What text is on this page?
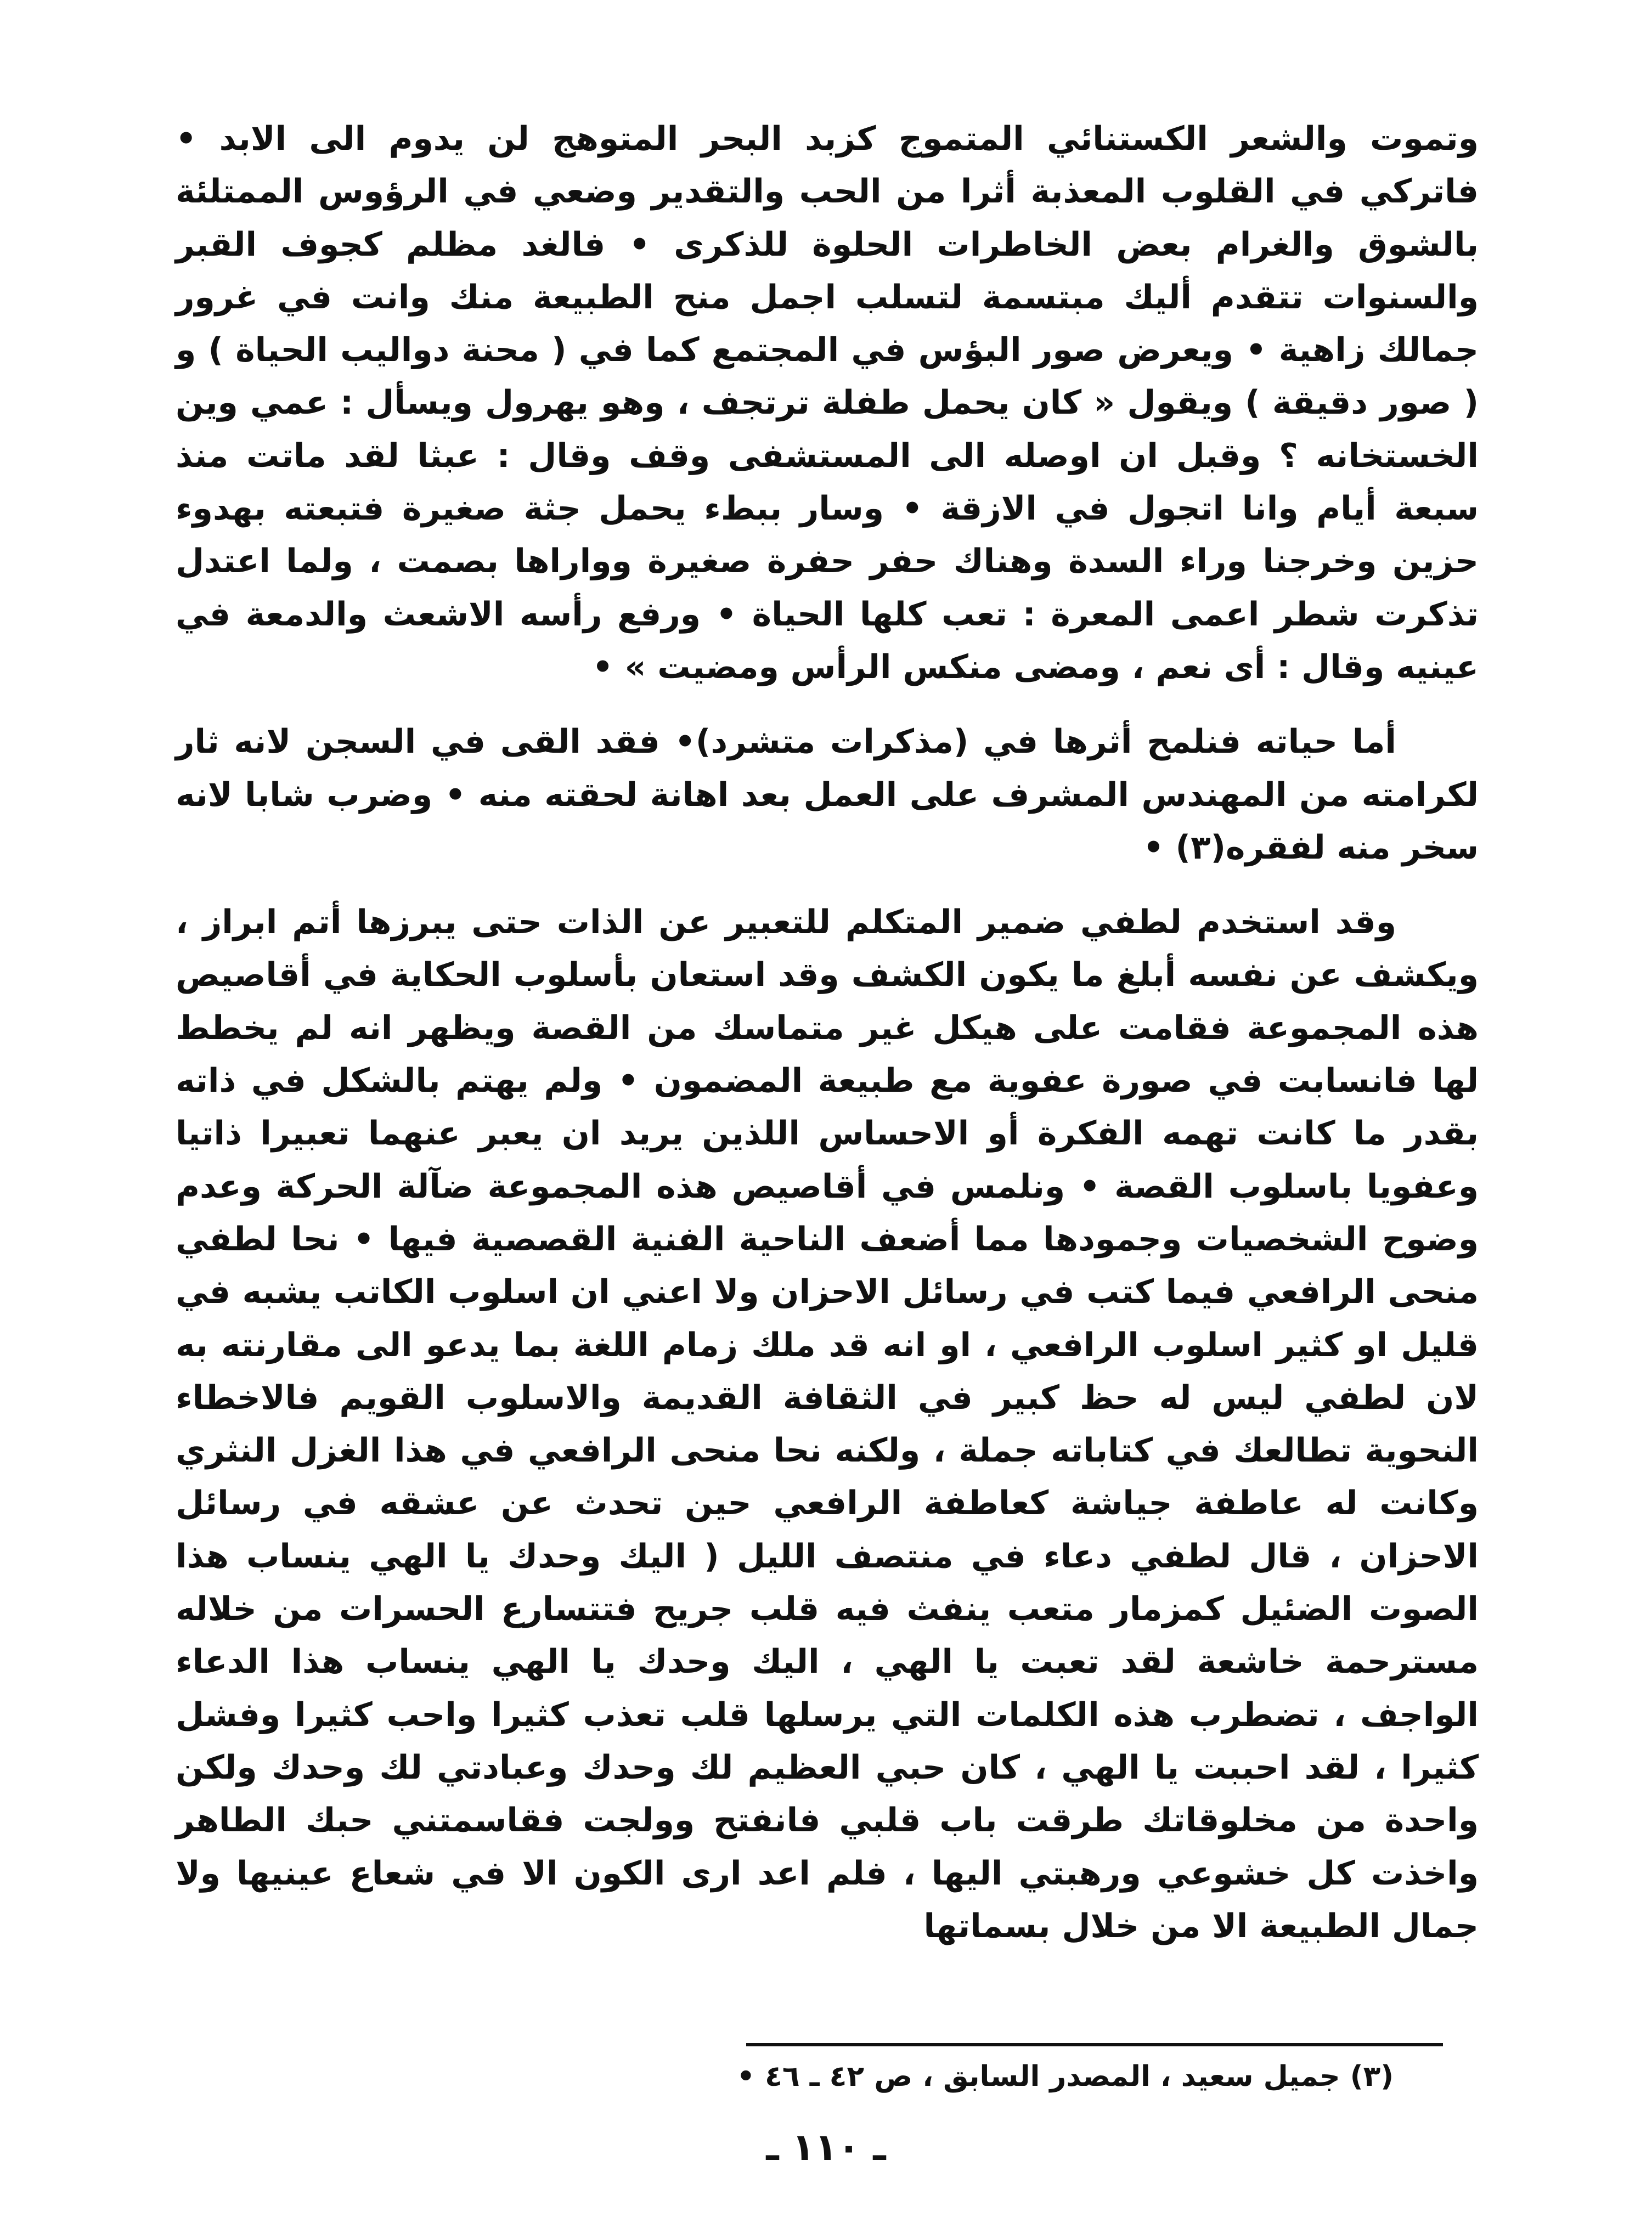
وتموت والشعر الكستنائي المتموج كزبد البحر المتوهج لن يدوم الى الابد • فاتركي في القلوب المعذبة أثرا من الحب والتقدير وضعي في الرؤوس الممتلئة بالشوق والغرام بعض الخاطرات الحلوة للذكرى • فالغد مظلم كجوف القبر والسنوات تتقدم أليك مبتسمة لتسلب اجمل منح الطبيعة منك وانت في غرور جمالك زاهية • ويعرض صور البؤس في المجتمع كما في ( محنة دواليب الحياة ) و ( صور دقيقة ) ويقول « كان يحمل طفلة ترتجف ، وهو يهرول ويسأل : عمي وين الخستخانه ؟ وقبل ان اوصله الى المستشفى وقف وقال : عبثا لقد ماتت منذ سبعة أيام وانا اتجول في الازقة • وسار ببطء يحمل جثة صغيرة فتبعته بهدوء حزين وخرجنا وراء السدة وهناك حفر حفرة صغيرة وواراها بصمت ، ولما اعتدل تذكرت شطر اعمى المعرة : تعب كلها الحياة • ورفع رأسه الاشعث والدمعة في عينيه وقال : أى نعم ، ومضى منكس الرأس ومضيت » •

أما حياته فنلمح أثرها في (مذكرات متشرد)• فقد القى في السجن لانه ثار لكرامته من المهندس المشرف على العمل بعد اهانة لحقته منه • وضرب شابا لانه سخر منه لفقره(٣) •

وقد استخدم لطفي ضمير المتكلم للتعبير عن الذات حتى يبرزها أتم ابراز ، ويكشف عن نفسه أبلغ ما يكون الكشف وقد استعان بأسلوب الحكاية في أقاصيص هذه المجموعة فقامت على هيكل غير متماسك من القصة ويظهر انه لم يخطط لها فانسابت في صورة عفوية مع طبيعة المضمون • ولم يهتم بالشكل في ذاته بقدر ما كانت تهمه الفكرة أو الاحساس اللذين يريد ان يعبر عنهما تعبيرا ذاتيا وعفويا باسلوب القصة • ونلمس في أقاصيص هذه المجموعة ضآلة الحركة وعدم وضوح الشخصيات وجمودها مما أضعف الناحية الفنية القصصية فيها • نحا لطفي منحى الرافعي فيما كتب في رسائل الاحزان ولا اعني ان اسلوب الكاتب يشبه في قليل او كثير اسلوب الرافعي ، او انه قد ملك زمام اللغة بما يدعو الى مقارنته به لان لطفي ليس له حظ كبير في الثقافة القديمة والاسلوب القويم فالاخطاء النحوية تطالعك في كتاباته جملة ، ولكنه نحا منحى الرافعي في هذا الغزل النثري وكانت له عاطفة جياشة كعاطفة الرافعي حين تحدث عن عشقه في رسائل الاحزان ، قال لطفي دعاء في منتصف الليل ( اليك وحدك يا الهي ينساب هذا الصوت الضئيل كمزمار متعب ينفث فيه قلب جريح فتتسارع الحسرات من خلاله مسترحمة خاشعة لقد تعبت يا الهي ، اليك وحدك يا الهي ينساب هذا الدعاء الواجف ، تضطرب هذه الكلمات التي يرسلها قلب تعذب كثيرا واحب كثيرا وفشل كثيرا ، لقد احببت يا الهي ، كان حبي العظيم لك وحدك وعبادتي لك وحدك ولكن واحدة من مخلوقاتك طرقت باب قلبي فانفتح وولجت فقاسمتني حبك الطاهر واخذت كل خشوعي ورهبتي اليها ، فلم اعد ارى الكون الا في شعاع عينيها ولا جمال الطبيعة الا من خلال بسماتها

(٣) جميل سعيد ، المصدر السابق ، ص ٤٢ ـ ٤٦ •
ـ ١١٠ ـ
